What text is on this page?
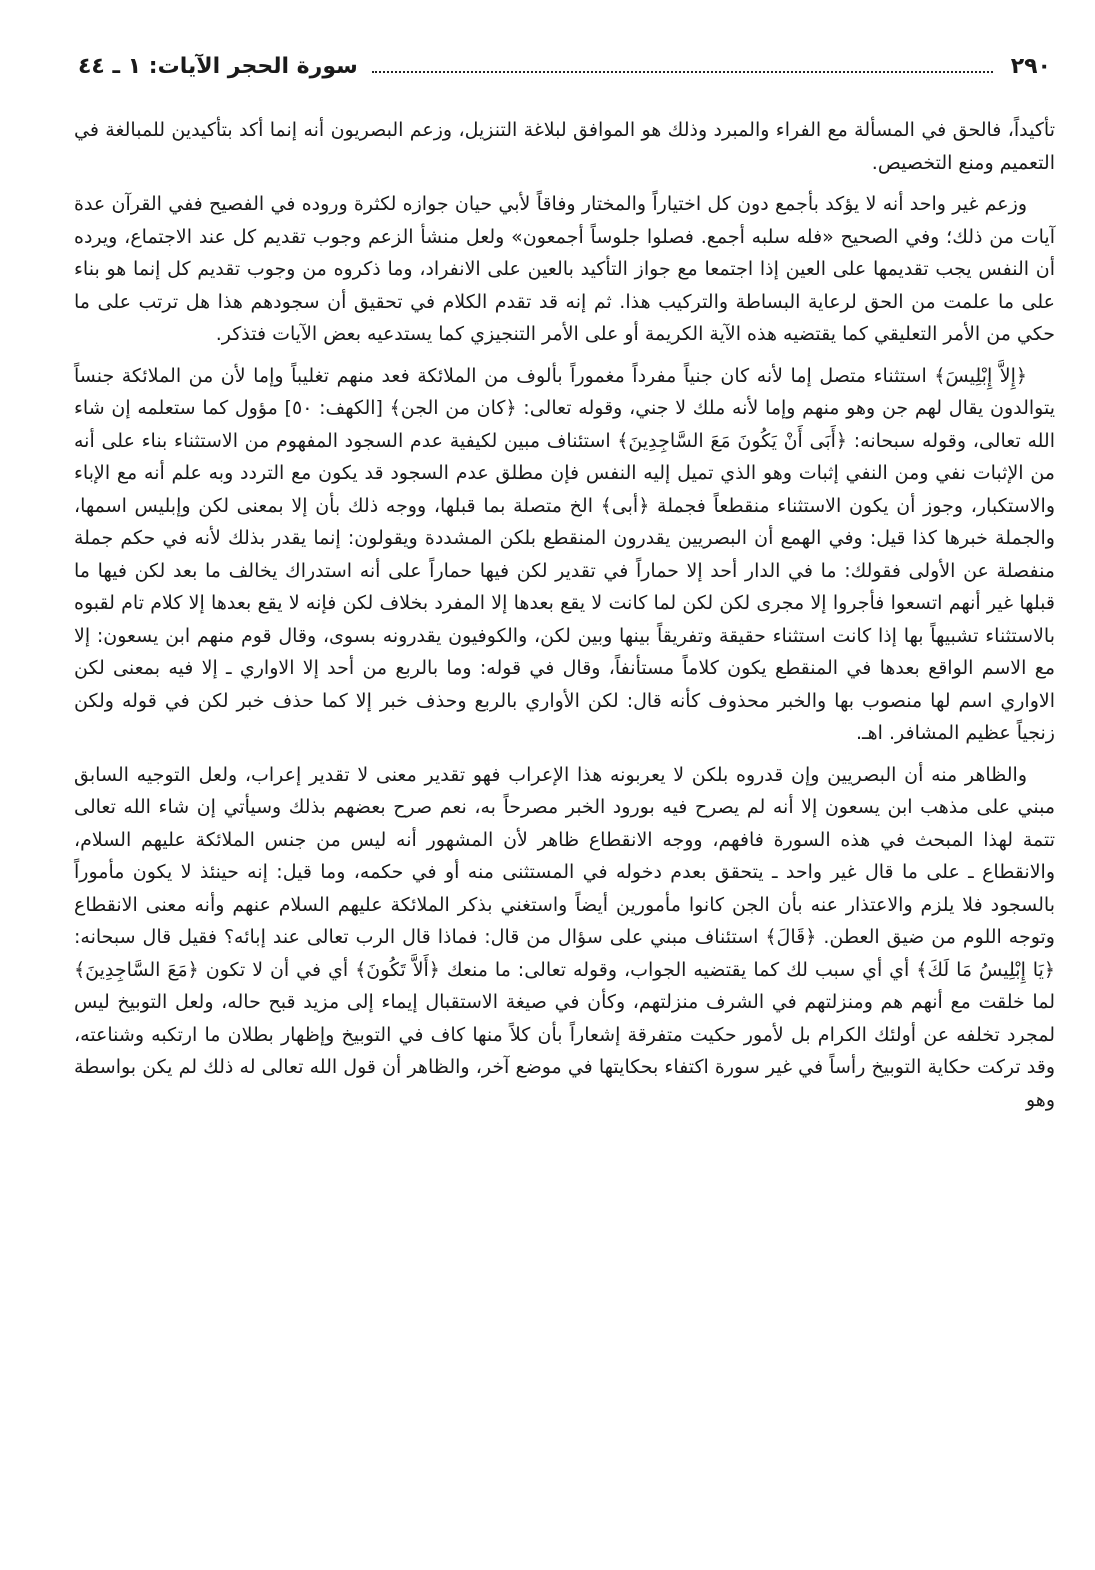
٢٩٠
سورة الحجر الآيات: ١ ـ ٤٤

تأكيداً، فالحق في المسألة مع الفراء والمبرد وذلك هو الموافق لبلاغة التنزيل، وزعم البصريون أنه إنما أكد بتأكيدين للمبالغة في التعميم ومنع التخصيص.

وزعم غير واحد أنه لا يؤكد بأجمع دون كل اختياراً والمختار وفاقاً لأبي حيان جوازه لكثرة وروده في الفصيح ففي القرآن عدة آيات من ذلك؛ وفي الصحيح «فله سلبه أجمع. فصلوا جلوساً أجمعون» ولعل منشأ الزعم وجوب تقديم كل عند الاجتماع، ويرده أن النفس يجب تقديمها على العين إذا اجتمعا مع جواز التأكيد بالعين على الانفراد، وما ذكروه من وجوب تقديم كل إنما هو بناء على ما علمت من الحق لرعاية البساطة والتركيب هذا. ثم إنه قد تقدم الكلام في تحقيق أن سجودهم هذا هل ترتب على ما حكي من الأمر التعليقي كما يقتضيه هذه الآية الكريمة أو على الأمر التنجيزي كما يستدعيه بعض الآيات فتذكر.

﴿إِلاَّ إِبْلِيسَ﴾ استثناء متصل إما لأنه كان جنياً مفرداً مغموراً بألوف من الملائكة فعد منهم تغليباً وإما لأن من الملائكة جنساً يتوالدون يقال لهم جن وهو منهم وإما لأنه ملك لا جني، وقوله تعالى: ﴿كان من الجن﴾ [الكهف: ٥٠] مؤول كما ستعلمه إن شاء الله تعالى، وقوله سبحانه: ﴿أَبَى أَنْ يَكُونَ مَعَ السَّاجِدِينَ﴾ استئناف مبين لكيفية عدم السجود المفهوم من الاستثناء بناء على أنه من الإثبات نفي ومن النفي إثبات وهو الذي تميل إليه النفس فإن مطلق عدم السجود قد يكون مع التردد وبه علم أنه مع الإباء والاستكبار، وجوز أن يكون الاستثناء منقطعاً فجملة ﴿أبى﴾ الخ متصلة بما قبلها، ووجه ذلك بأن إلا بمعنى لكن وإبليس اسمها، والجملة خبرها كذا قيل: وفي الهمع أن البصريين يقدرون المنقطع بلكن المشددة ويقولون: إنما يقدر بذلك لأنه في حكم جملة منفصلة عن الأولى فقولك: ما في الدار أحد إلا حماراً في تقدير لكن فيها حماراً على أنه استدراك يخالف ما بعد لكن فيها ما قبلها غير أنهم اتسعوا فأجروا إلا مجرى لكن لكن لما كانت لا يقع بعدها إلا المفرد بخلاف لكن فإنه لا يقع بعدها إلا كلام تام لقبوه بالاستثناء تشبيهاً بها إذا كانت استثناء حقيقة وتفريقاً بينها وبين لكن، والكوفيون يقدرونه بسوى، وقال قوم منهم ابن يسعون: إلا مع الاسم الواقع بعدها في المنقطع يكون كلاماً مستأنفاً، وقال في قوله: وما بالربع من أحد إلا الاواري ـ إلا فيه بمعنى لكن الاواري اسم لها منصوب بها والخبر محذوف كأنه قال: لكن الأواري بالربع وحذف خبر إلا كما حذف خبر لكن في قوله ولكن زنجياً عظيم المشافر. اهـ.

والظاهر منه أن البصريين وإن قدروه بلكن لا يعربونه هذا الإعراب فهو تقدير معنى لا تقدير إعراب، ولعل التوجيه السابق مبني على مذهب ابن يسعون إلا أنه لم يصرح فيه بورود الخبر مصرحاً به، نعم صرح بعضهم بذلك وسيأتي إن شاء الله تعالى تتمة لهذا المبحث في هذه السورة فافهم، ووجه الانقطاع ظاهر لأن المشهور أنه ليس من جنس الملائكة عليهم السلام، والانقطاع ـ على ما قال غير واحد ـ يتحقق بعدم دخوله في المستثنى منه أو في حكمه، وما قيل: إنه حينئذ لا يكون مأموراً بالسجود فلا يلزم والاعتذار عنه بأن الجن كانوا مأمورين أيضاً واستغني بذكر الملائكة عليهم السلام عنهم وأنه معنى الانقطاع وتوجه اللوم من ضيق العطن. ﴿قَالَ﴾ استئناف مبني على سؤال من قال: فماذا قال الرب تعالى عند إبائه؟ فقيل قال سبحانه: ﴿يَا إِبْلِيسُ مَا لَكَ﴾ أي أي سبب لك كما يقتضيه الجواب، وقوله تعالى: ما منعك ﴿أَلاَّ تَكُونَ﴾ أي في أن لا تكون ﴿مَعَ السَّاجِدِينَ﴾ لما خلقت مع أنهم هم ومنزلتهم في الشرف منزلتهم، وكأن في صيغة الاستقبال إيماء إلى مزيد قبح حاله، ولعل التوبيخ ليس لمجرد تخلفه عن أولئك الكرام بل لأمور حكيت متفرقة إشعاراً بأن كلاً منها كاف في التوبيخ وإظهار بطلان ما ارتكبه وشناعته، وقد تركت حكاية التوبيخ رأساً في غير سورة اكتفاء بحكايتها في موضع آخر، والظاهر أن قول الله تعالى له ذلك لم يكن بواسطة وهو
